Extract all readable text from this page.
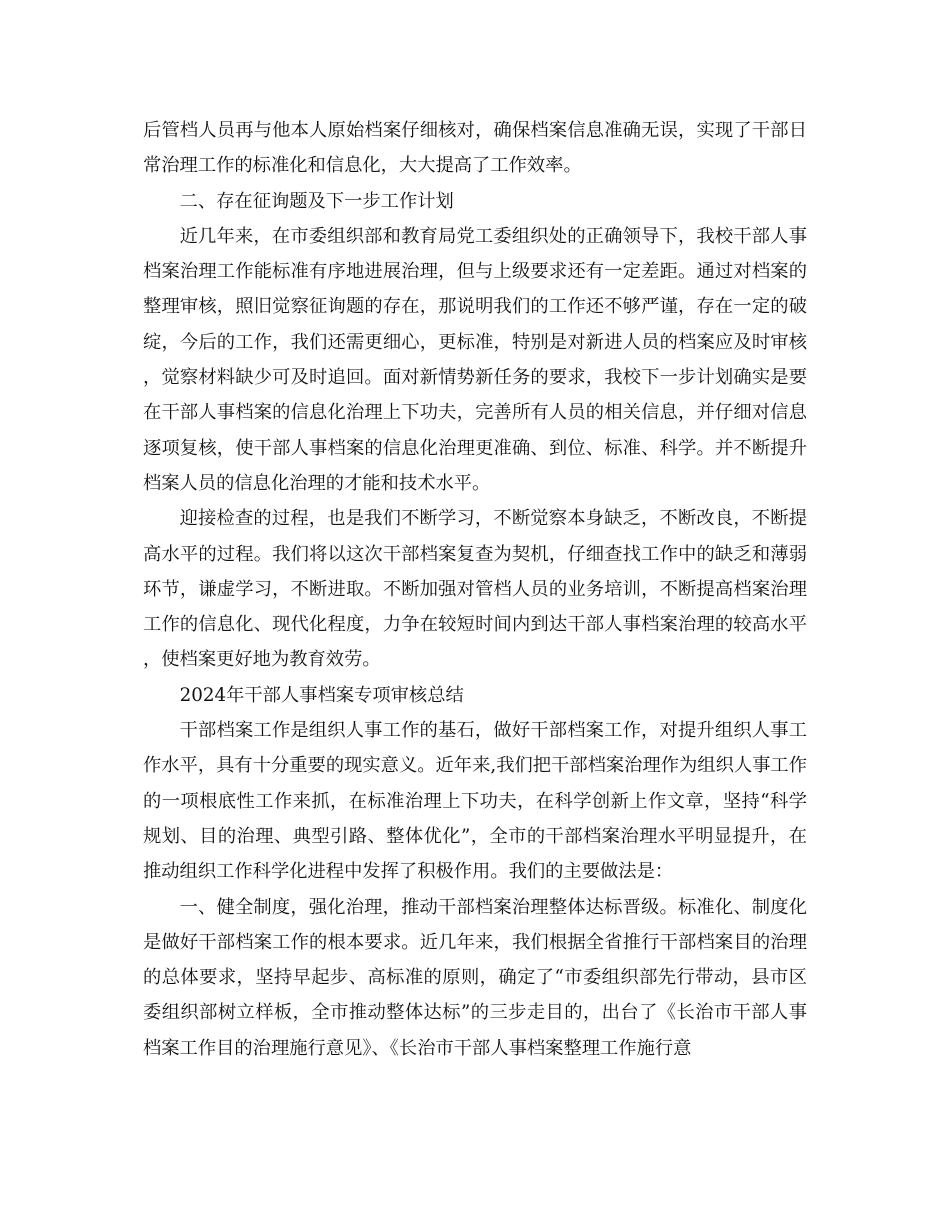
后管档人员再与他本人原始档案仔细核对，确保档案信息准确无误，实现了干部日常治理工作的标准化和信息化，大大提高了工作效率。

二、存在征询题及下一步工作计划

近几年来，在市委组织部和教育局党工委组织处的正确领导下，我校干部人事档案治理工作能标准有序地进展治理，但与上级要求还有一定差距。通过对档案的整理审核，照旧觉察征询题的存在，那说明我们的工作还不够严谨，存在一定的破绽，今后的工作，我们还需更细心，更标准，特别是对新进人员的档案应及时审核，觉察材料缺少可及时追回。面对新情势新任务的要求，我校下一步计划确实是要在干部人事档案的信息化治理上下功夫，完善所有人员的相关信息，并仔细对信息逐项复核，使干部人事档案的信息化治理更准确、到位、标准、科学。并不断提升档案人员的信息化治理的才能和技术水平。

迎接检查的过程，也是我们不断学习，不断觉察本身缺乏，不断改良，不断提高水平的过程。我们将以这次干部档案复查为契机，仔细查找工作中的缺乏和薄弱环节，谦虚学习，不断进取。不断加强对管档人员的业务培训，不断提高档案治理工作的信息化、现代化程度，力争在较短时间内到达干部人事档案治理的较高水平，使档案更好地为教育效劳。

2024年干部人事档案专项审核总结

干部档案工作是组织人事工作的基石，做好干部档案工作，对提升组织人事工作水平，具有十分重要的现实意义。近年来,我们把干部档案治理作为组织人事工作的一项根底性工作来抓，在标准治理上下功夫，在科学创新上作文章，坚持“科学规划、目的治理、典型引路、整体优化”，全市的干部档案治理水平明显提升，在推动组织工作科学化进程中发挥了积极作用。我们的主要做法是：

一、健全制度，强化治理，推动干部档案治理整体达标晋级。标准化、制度化是做好干部档案工作的根本要求。近几年来，我们根据全省推行干部档案目的治理的总体要求，坚持早起步、高标准的原则，确定了“市委组织部先行带动，县市区委组织部树立样板，全市推动整体达标”的三步走目的，出台了《长治市干部人事档案工作目的治理施行意见》、《长治市干部人事档案整理工作施行意
